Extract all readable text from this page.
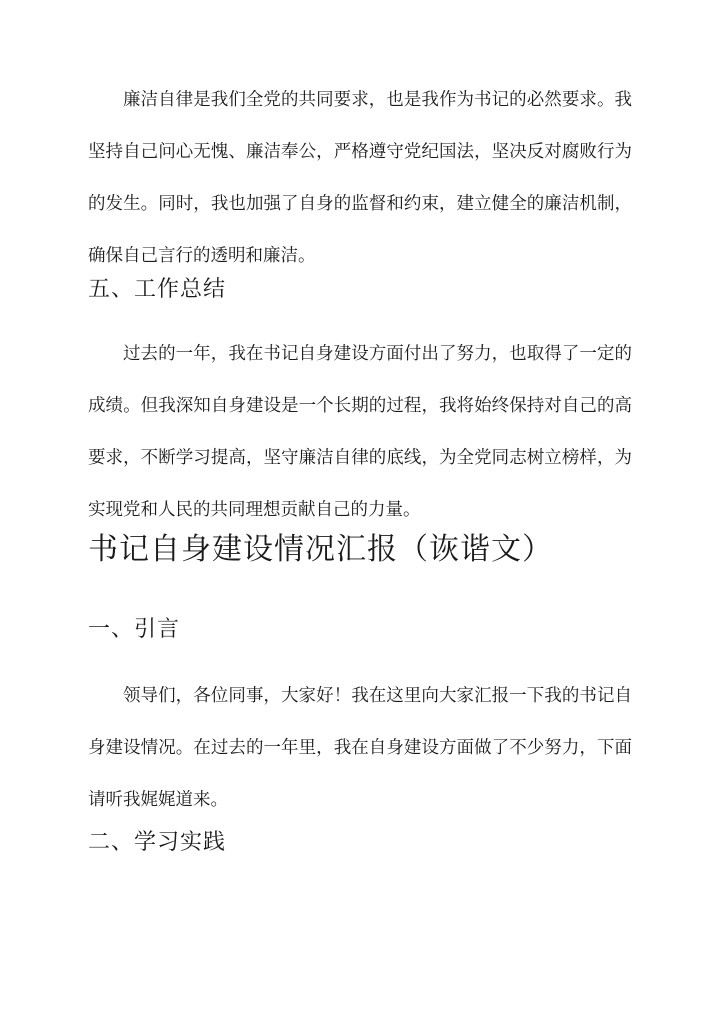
廉洁自律是我们全党的共同要求，也是我作为书记的必然要求。我坚持自己问心无愧、廉洁奉公，严格遵守党纪国法，坚决反对腐败行为的发生。同时，我也加强了自身的监督和约束，建立健全的廉洁机制，确保自己言行的透明和廉洁。

五、工作总结

过去的一年，我在书记自身建设方面付出了努力，也取得了一定的成绩。但我深知自身建设是一个长期的过程，我将始终保持对自己的高要求，不断学习提高，坚守廉洁自律的底线，为全党同志树立榜样，为实现党和人民的共同理想贡献自己的力量。

书记自身建设情况汇报（诙谐文）
一、引言

领导们，各位同事，大家好！我在这里向大家汇报一下我的书记自身建设情况。在过去的一年里，我在自身建设方面做了不少努力，下面请听我娓娓道来。

二、学习实践
